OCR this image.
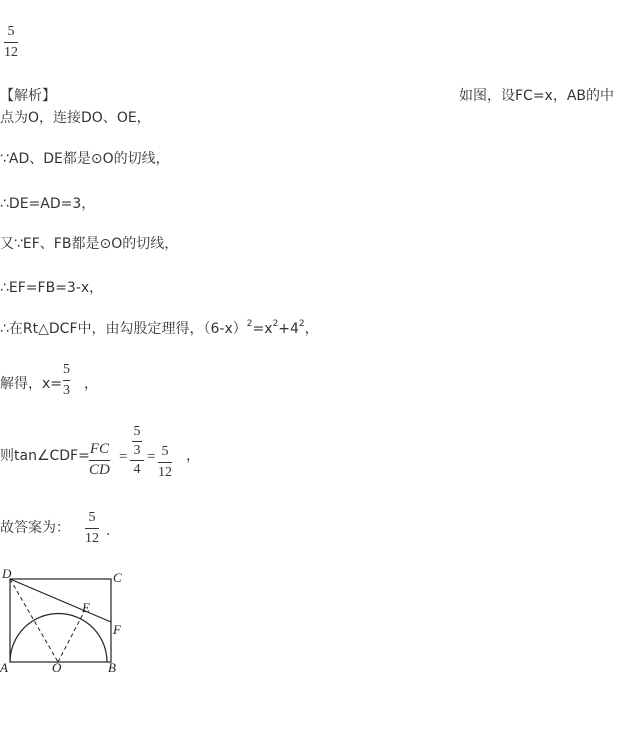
5
12
【解析】	如图，设FC=x，AB的中
点为O，连接DO、OE，
∵AD、DE都是⊙O的切线，
∴DE=AD=3，
又∵EF、FB都是⊙O的切线，
∴EF=FB=3-x，
∴在Rt△DCF中，由勾股定理得，$(6-x)^2=x^2+4^2$，
解得，x=
5
3 ，
则tan∠CDF= FC
CD
=
5
3
4
= 5
12
，
故答案为：
5
12 .
D	C
E
F
A	O	B
